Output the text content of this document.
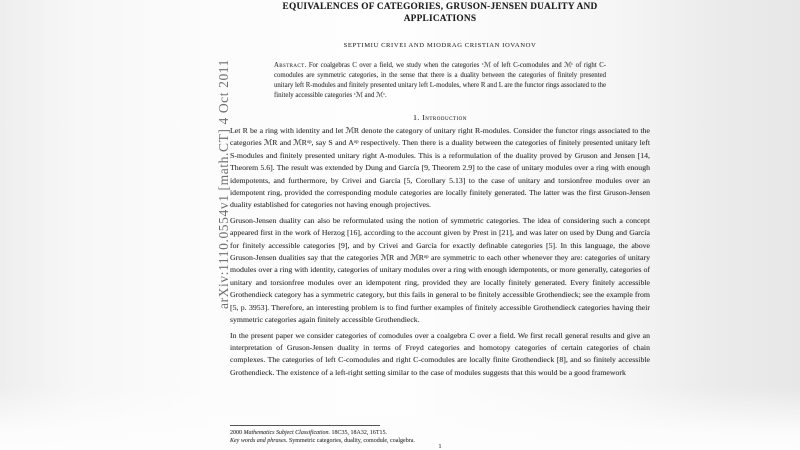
arXiv:1110.0554v1 [math.CT] 4 Oct 2011
EQUIVALENCES OF CATEGORIES, GRUSON-JENSEN DUALITY AND
APPLICATIONS

SEPTIMIU CRIVEI AND MIODRAG CRISTIAN IOVANOV

Abstract. For coalgebras C over a field, we study when the categories ᶜℳ of left C-comodules and ℳᶜ of right C-comodules are symmetric categories, in the sense that there is a duality between the categories of finitely presented unitary left R-modules and finitely presented unitary left L-modules, where R and L are the functor rings associated to the finitely accessible categories ᶜℳ and ℳᶜ.

1. Introduction

Let R be a ring with identity and let ℳR denote the category of unitary right R-modules. Consider the functor rings associated to the categories ℳR and ℳRᵒᵖ, say S and Aᵒᵖ respectively. Then there is a duality between the categories of finitely presented unitary left S-modules and finitely presented unitary right A-modules. This is a reformulation of the duality proved by Gruson and Jensen [14, Theorem 5.6]. The result was extended by Dung and García [9, Theorem 2.9] to the case of unitary modules over a ring with enough idempotents, and furthermore, by Crivei and García [5, Corollary 5.13] to the case of unitary and torsionfree modules over an idempotent ring, provided the corresponding module categories are locally finitely generated. The latter was the first Gruson-Jensen duality established for categories not having enough projectives.

Gruson-Jensen duality can also be reformulated using the notion of symmetric categories. The idea of considering such a concept appeared first in the work of Herzog [16], according to the account given by Prest in [21], and was later on used by Dung and García for finitely accessible categories [9], and by Crivei and García for exactly definable categories [5]. In this language, the above Gruson-Jensen dualities say that the categories ℳR and ℳRᵒᵖ are symmetric to each other whenever they are: categories of unitary modules over a ring with identity, categories of unitary modules over a ring with enough idempotents, or more generally, categories of unitary and torsionfree modules over an idempotent ring, provided they are locally finitely generated. Every finitely accessible Grothendieck category has a symmetric category, but this fails in general to be finitely accessible Grothendieck; see the example from [5, p. 3953]. Therefore, an interesting problem is to find further examples of finitely accessible Grothendieck categories having their symmetric categories again finitely accessible Grothendieck.

In the present paper we consider categories of comodules over a coalgebra C over a field. We first recall general results and give an interpretation of Gruson-Jensen duality in terms of Freyd categories and homotopy categories of certain categories of chain complexes. The categories of left C-comodules and right C-comodules are locally finite Grothendieck [8], and so finitely accessible Grothendieck. The existence of a left-right setting similar to the case of modules suggests that this would be a good framework

2000 Mathematics Subject Classification. 18C35, 18A32, 16T15.
Key words and phrases. Symmetric categories, duality, comodule, coalgebra.
1
